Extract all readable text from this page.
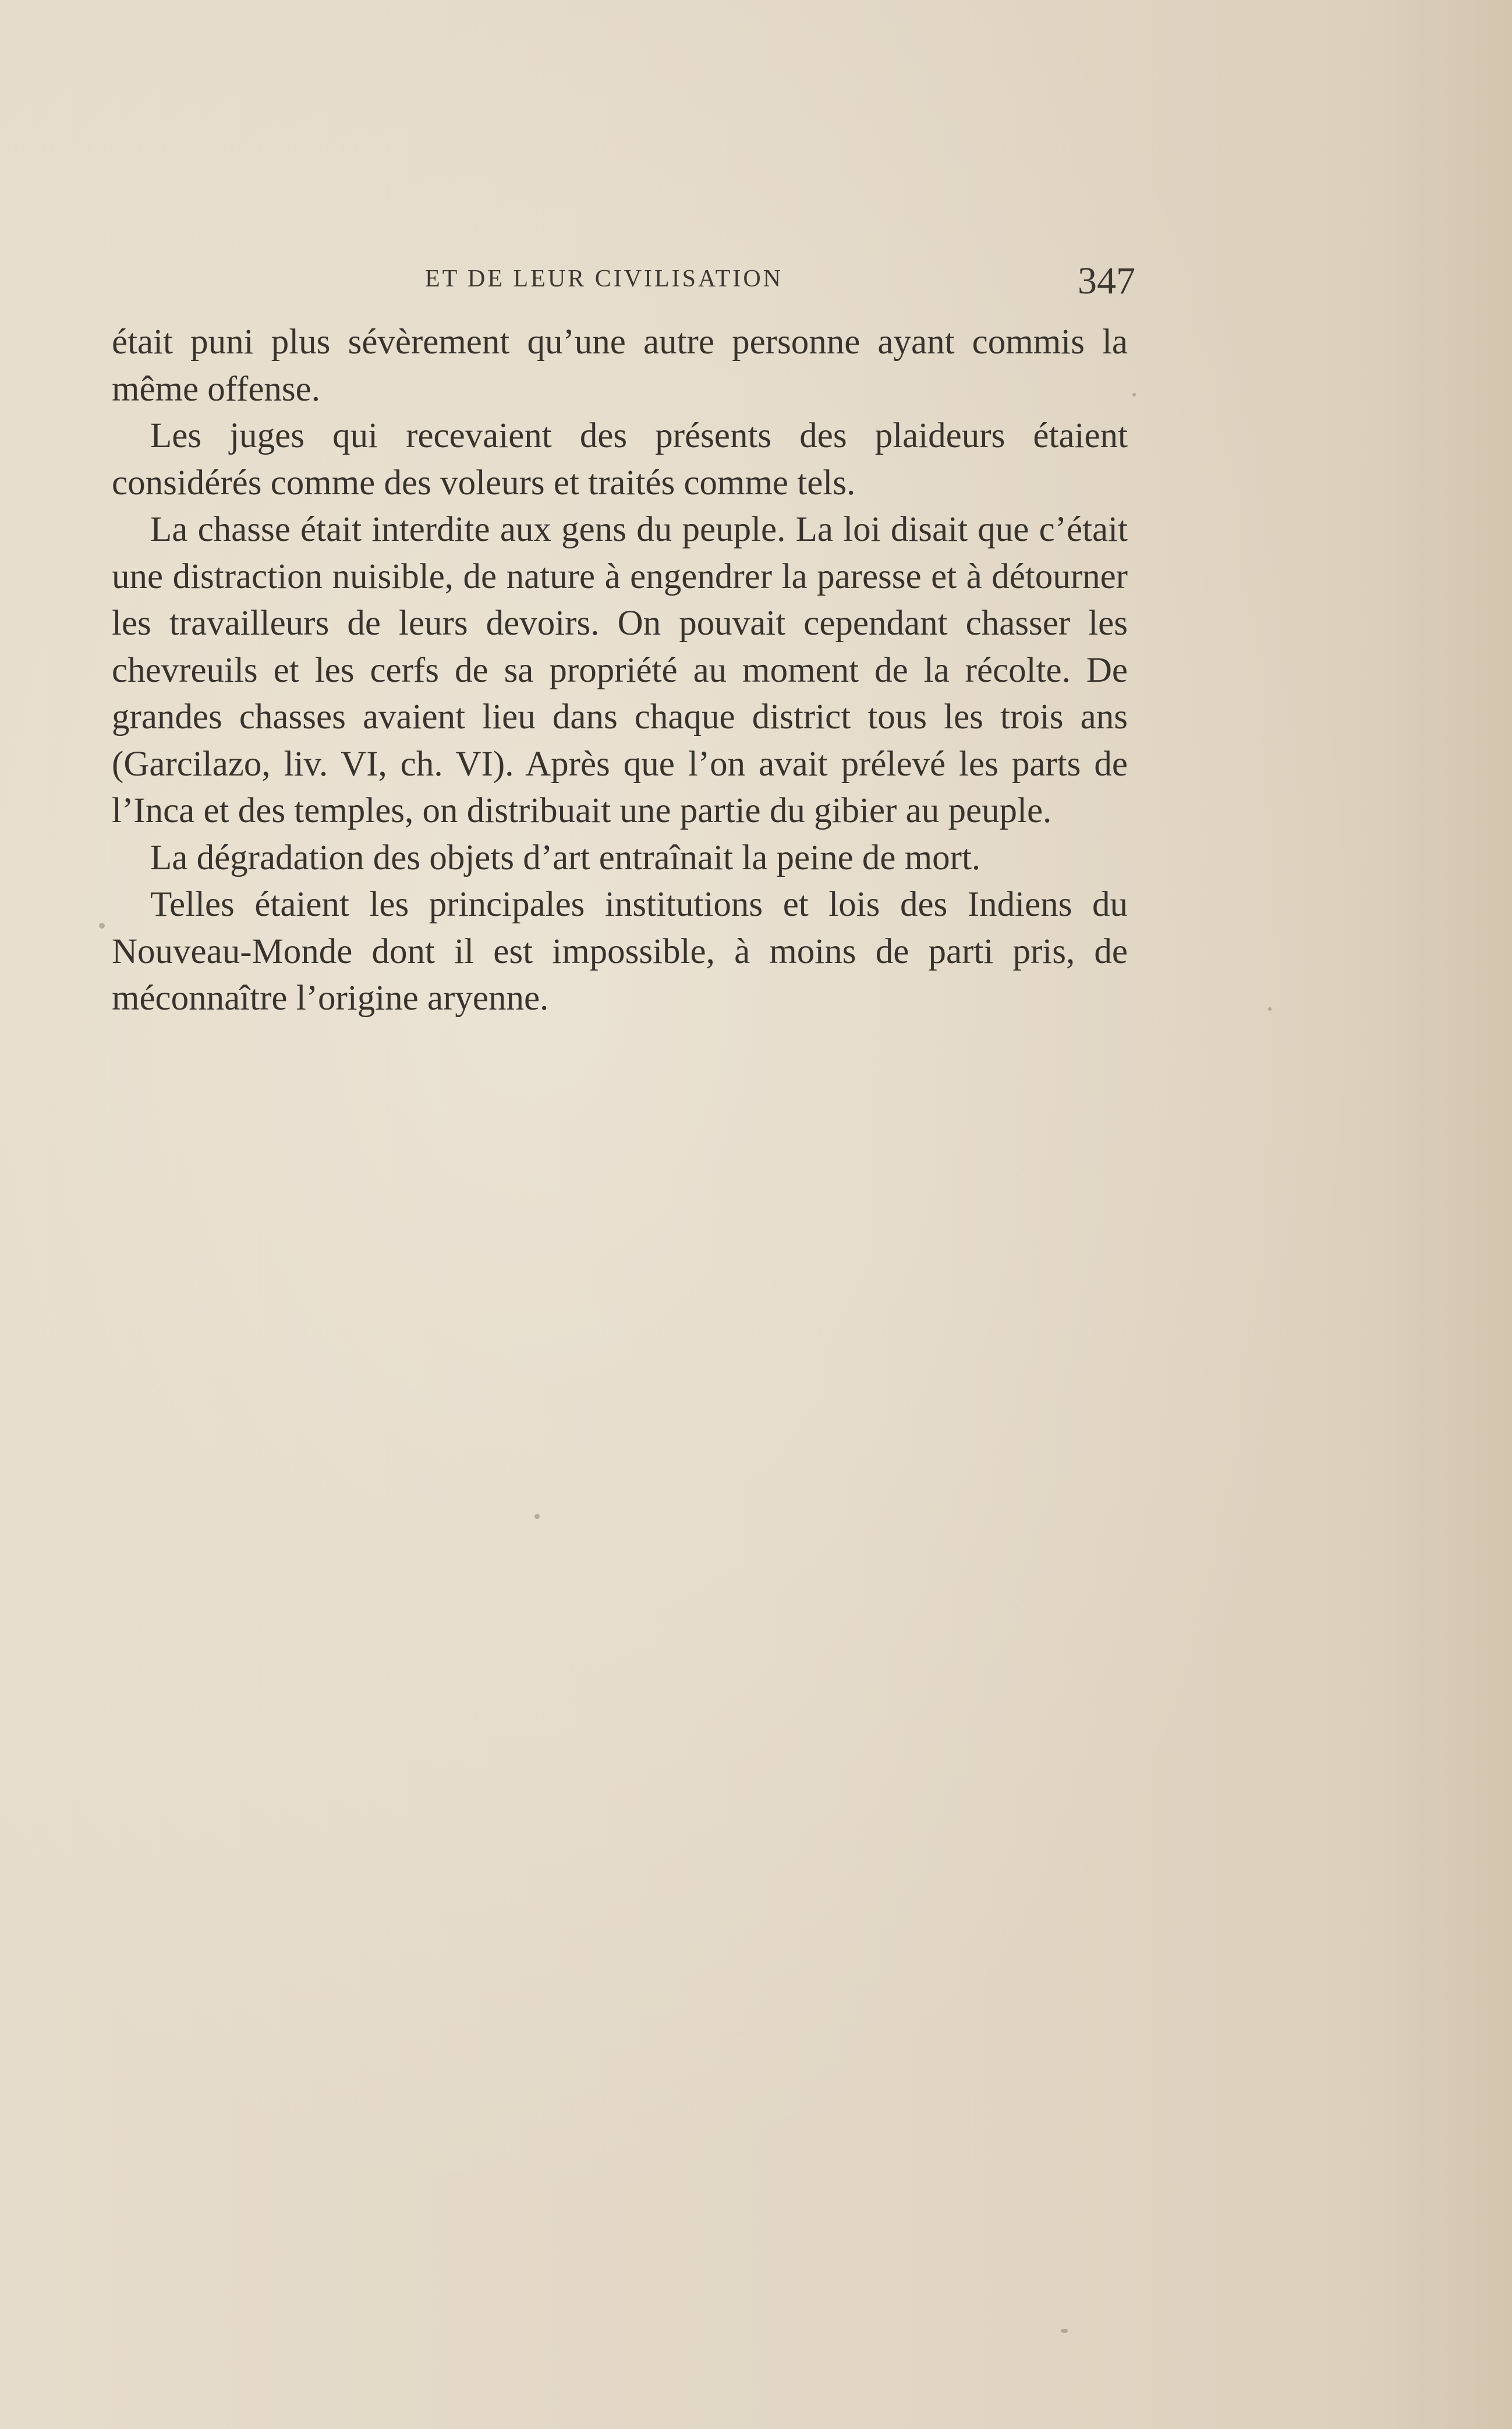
ET DE LEUR CIVILISATION	347

était puni plus sévèrement qu’une autre personne ayant commis la même offense.

Les juges qui recevaient des présents des plaideurs étaient considérés comme des voleurs et traités comme tels.

La chasse était interdite aux gens du peuple. La loi disait que c’était une distraction nuisible, de nature à engendrer la paresse et à détourner les travailleurs de leurs devoirs. On pouvait cependant chasser les chevreuils et les cerfs de sa propriété au moment de la récolte. De grandes chasses avaient lieu dans chaque district tous les trois ans (Garcilazo, liv. VI, ch. VI). Après que l’on avait prélevé les parts de l’Inca et des temples, on distribuait une partie du gibier au peuple.

La dégradation des objets d’art entraînait la peine de mort.

Telles étaient les principales institutions et lois des Indiens du Nouveau-Monde dont il est impossible, à moins de parti pris, de méconnaître l’origine aryenne.
